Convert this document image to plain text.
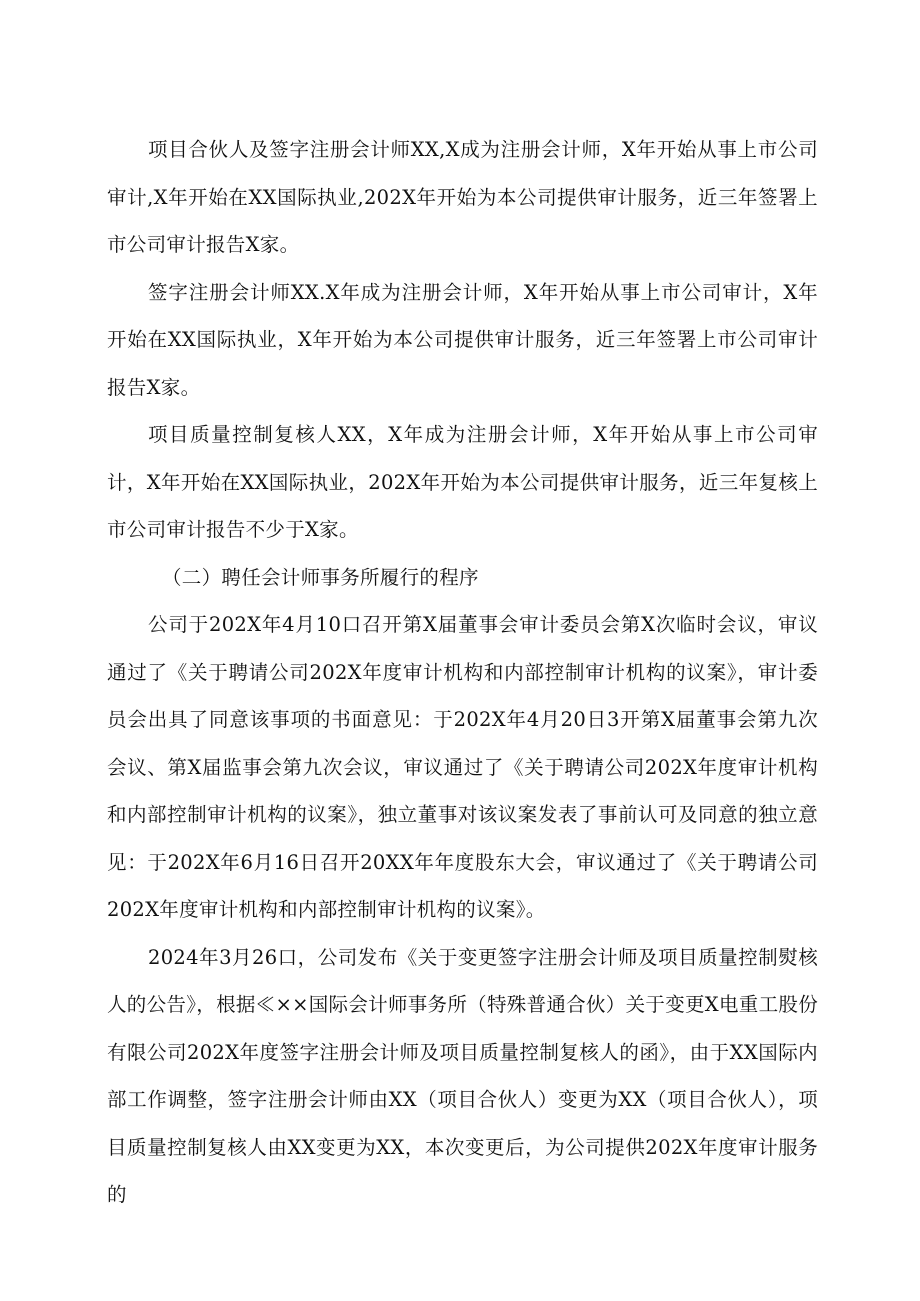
项目合伙人及签字注册会计师XX,X成为注册会计师，X年开始从事上市公司审计,X年开始在XX国际执业,202X年开始为本公司提供审计服务，近三年签署上市公司审计报告X家。

签字注册会计师XX.X年成为注册会计师，X年开始从事上市公司审计，X年开始在XX国际执业，X年开始为本公司提供审计服务，近三年签署上市公司审计报告X家。

项目质量控制复核人XX，X年成为注册会计师，X年开始从事上市公司审计，X年开始在XX国际执业，202X年开始为本公司提供审计服务，近三年复核上市公司审计报告不少于X家。

（二）聘任会计师事务所履行的程序

公司于202X年4月10口召开第X届董事会审计委员会第X次临时会议，审议通过了《关于聘请公司202X年度审计机构和内部控制审计机构的议案》，审计委员会出具了同意该事项的书面意见：于202X年4月20日3开第X届董事会第九次会议、第X届监事会第九次会议，审议通过了《关于聘请公司202X年度审计机构和内部控制审计机构的议案》，独立董事对该议案发表了事前认可及同意的独立意见：于202X年6月16日召开20XX年年度股东大会，审议通过了《关于聘请公司202X年度审计机构和内部控制审计机构的议案》。

2024年3月26口，公司发布《关于变更签字注册会计师及项目质量控制熨核人的公告》，根据≪××国际会计师事务所（特殊普通合伙）关于变更X电重工股份有限公司202X年度签字注册会计师及项目质量控制复核人的函》，由于XX国际内部工作调整，签字注册会计师由XX（项目合伙人）变更为XX（项目合伙人），项目质量控制复核人由XX变更为XX，本次变更后，为公司提供202X年度审计服务的
